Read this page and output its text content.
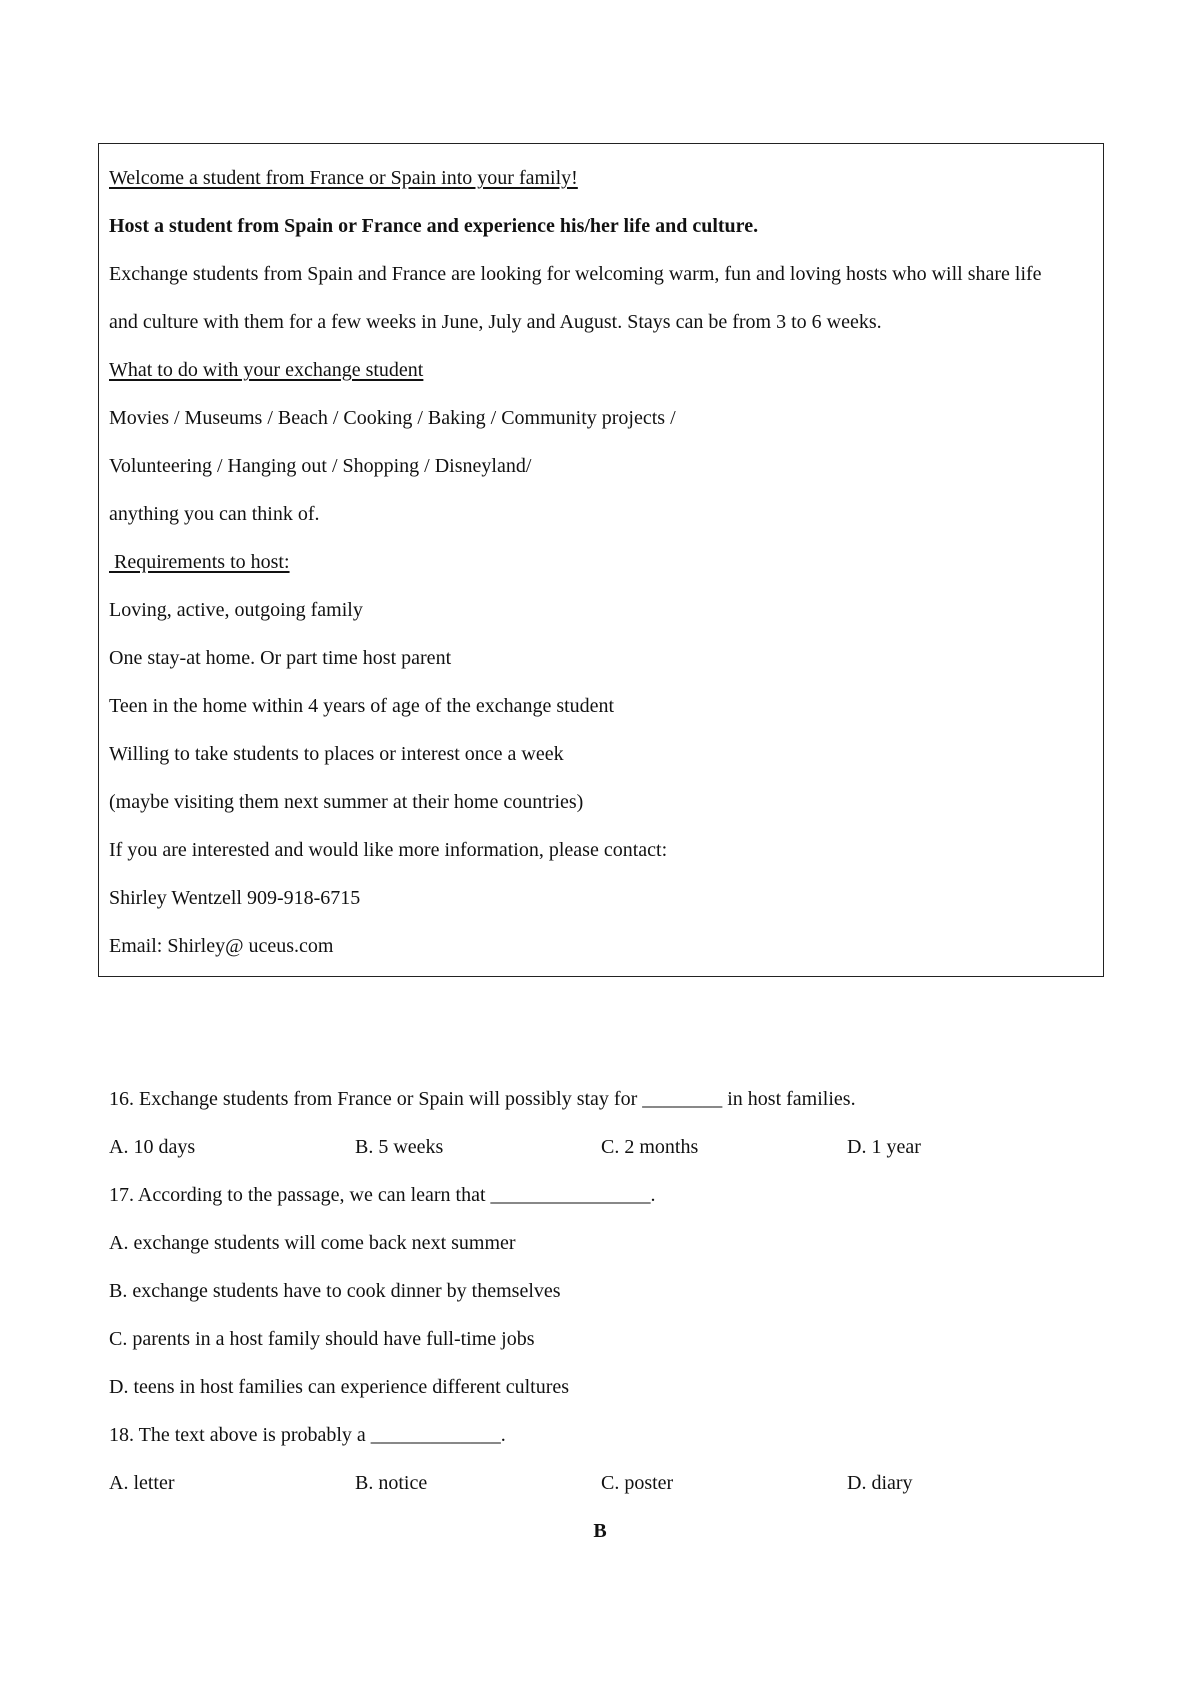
Welcome a student from France or Spain into your family!
Host a student from Spain or France and experience his/her life and culture.
Exchange students from Spain and France are looking for welcoming warm, fun and loving hosts who will share life
and culture with them for a few weeks in June, July and August. Stays can be from 3 to 6 weeks.
What to do with your exchange student
Movies / Museums / Beach / Cooking / Baking / Community projects /
Volunteering / Hanging out / Shopping / Disneyland/
anything you can think of.
Requirements to host:
Loving, active, outgoing family
One stay-at home. Or part time host parent
Teen in the home within 4 years of age of the exchange student
Willing to take students to places or interest once a week
(maybe visiting them next summer at their home countries)
If you are interested and would like more information, please contact:
Shirley Wentzell 909-918-6715
Email: Shirley@ uceus.com
16. Exchange students from France or Spain will possibly stay for ________ in host families.
A. 10 days	B. 5 weeks	C. 2 months	D. 1 year
17. According to the passage, we can learn that ________________.
A. exchange students will come back next summer
B. exchange students have to cook dinner by themselves
C. parents in a host family should have full-time jobs
D. teens in host families can experience different cultures
18. The text above is probably a _____________.
A. letter	B. notice	C. poster	D. diary
B
